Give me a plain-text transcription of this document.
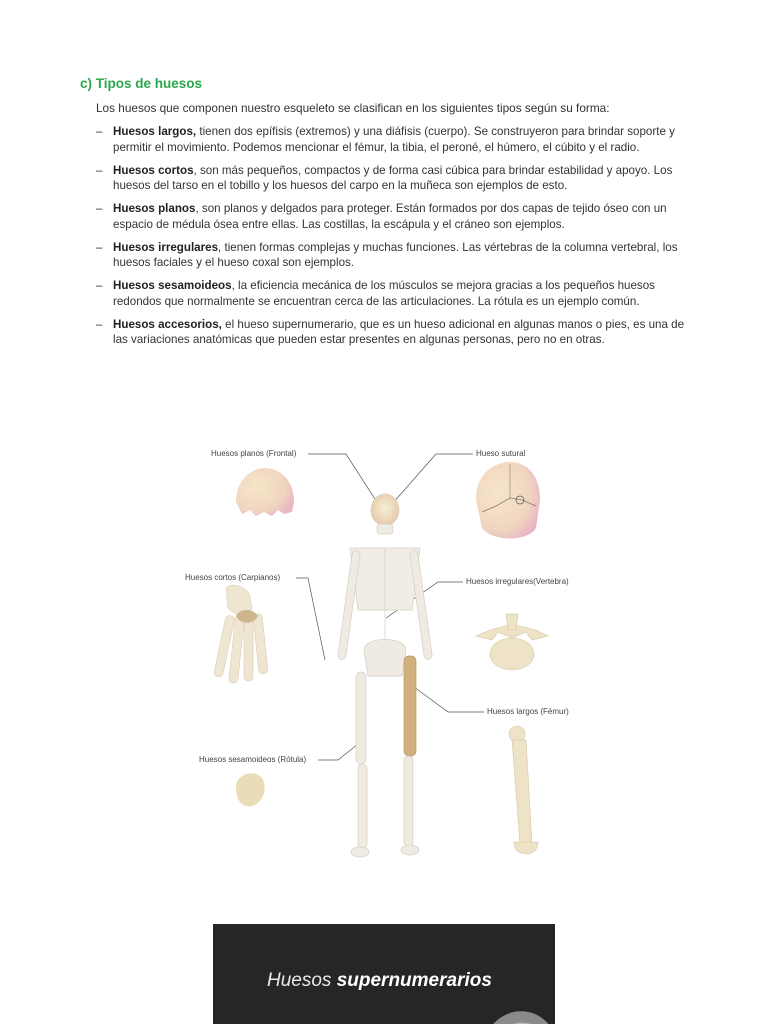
c) Tipos de huesos
Los huesos que componen nuestro esqueleto se clasifican en los siguientes tipos según su forma:
– Huesos largos, tienen dos epífisis (extremos) y una diáfisis (cuerpo). Se construyeron para brindar soporte y permitir el movimiento. Podemos mencionar el fémur, la tibia, el peroné, el húmero, el cúbito y el radio.
– Huesos cortos, son más pequeños, compactos y de forma casi cúbica para brindar estabilidad y apoyo. Los huesos del tarso en el tobillo y los huesos del carpo en la muñeca son ejemplos de esto.
– Huesos planos, son planos y delgados para proteger. Están formados por dos capas de tejido óseo con un espacio de médula ósea entre ellas. Las costillas, la escápula y el cráneo son ejemplos.
– Huesos irregulares, tienen formas complejas y muchas funciones. Las vértebras de la columna vertebral, los huesos faciales y el hueso coxal son ejemplos.
– Huesos sesamoideos, la eficiencia mecánica de los músculos se mejora gracias a los pequeños huesos redondos que normalmente se encuentran cerca de las articulaciones. La rótula es un ejemplo común.
– Huesos accesorios, el hueso supernumerario, que es un hueso adicional en algunas manos o pies, es una de las variaciones anatómicas que pueden estar presentes en algunas personas, pero no en otras.
Huesos planos (Frontal)	Hueso sutural
Huesos cortos (Carpianos)	Huesos irregulares(Vertebra)
Huesos largos (Fémur)
Huesos sesamoideos (Rótula)
Huesos supernumerarios
